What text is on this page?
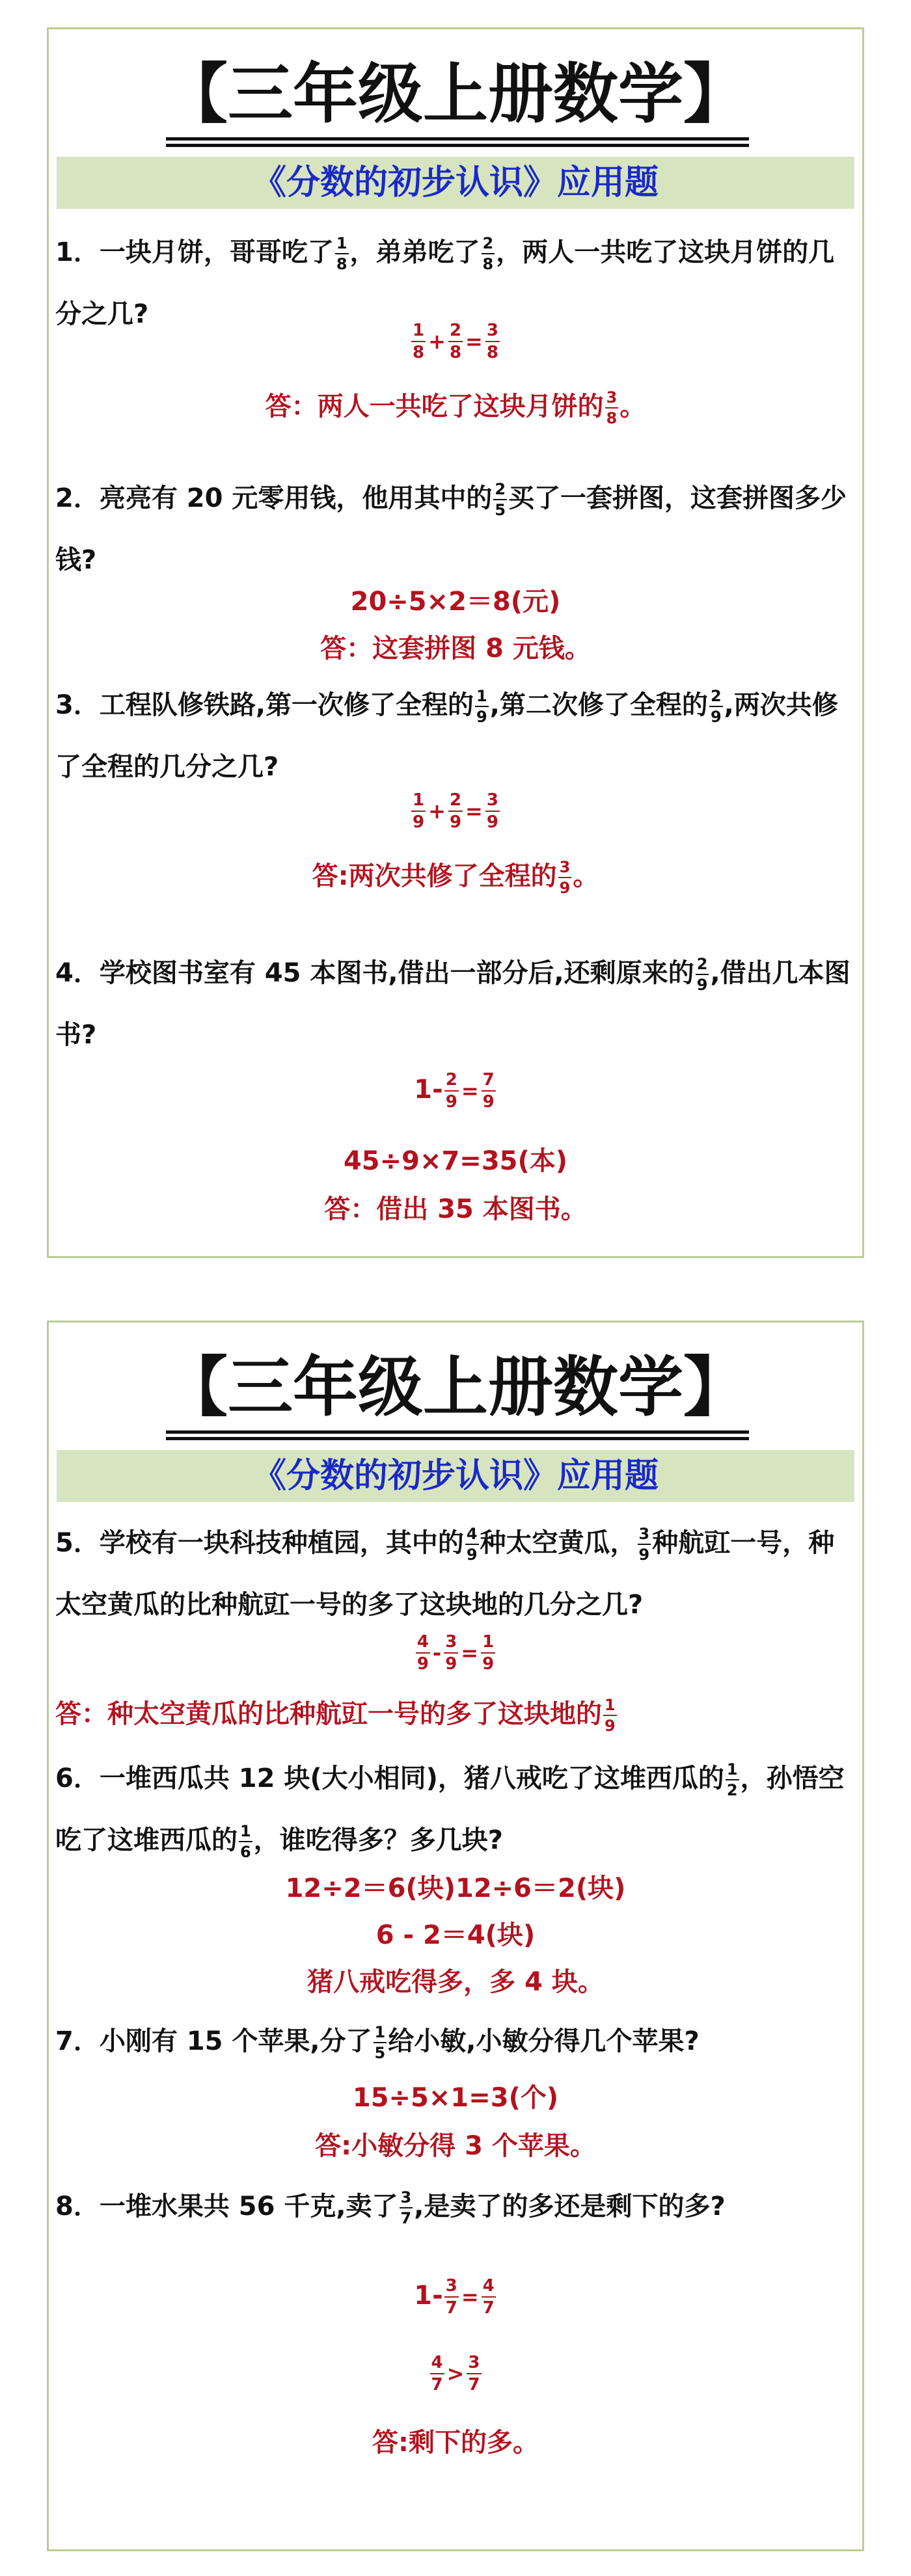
【三年级上册数学】
《分数的初步认识》应用题
1．一块月饼，哥哥吃了 $\frac{1}{8}$ ，弟弟吃了 $\frac{2}{8}$ ，两人一共吃了这块月饼的几分之几?
$\frac{1}{8} + \frac{2}{8} = \frac{3}{8}$
答：两人一共吃了这块月饼的 $\frac{3}{8}$ 。
2．亮亮有 20 元零用钱，他用其中的 $\frac{2}{5}$ 买了一套拼图，这套拼图多少钱?
20÷5×2＝8(元)
答：这套拼图 8 元钱。
3．工程队修铁路,第一次修了全程的 $\frac{1}{9}$ ,第二次修了全程的 $\frac{2}{9}$ ,两次共修了全程的几分之几?
$\frac{1}{9} + \frac{2}{9} = \frac{3}{9}$
答:两次共修了全程的 $\frac{3}{9}$ 。
4．学校图书室有 45 本图书,借出一部分后,还剩原来的 $\frac{2}{9}$ ,借出几本图书?
$1- \frac{2}{9} = \frac{7}{9}$
45÷9×7=35(本)
答：借出 35 本图书。
【三年级上册数学】
《分数的初步认识》应用题
5．学校有一块科技种植园，其中的 $\frac{4}{9}$ 种太空黄瓜， $\frac{3}{9}$ 种航豇一号，种太空黄瓜的比种航豇一号的多了这块地的几分之几?
$\frac{4}{9} - \frac{3}{9} = \frac{1}{9}$
答：种太空黄瓜的比种航豇一号的多了这块地的 $\frac{1}{9}$
6．一堆西瓜共 12 块(大小相同)，猪八戒吃了这堆西瓜的 $\frac{1}{2}$ ，孙悟空吃了这堆西瓜的 $\frac{1}{6}$ ，谁吃得多？多几块?
12÷2＝6(块)12÷6＝2(块)
6 - 2＝4(块)
猪八戒吃得多，多 4 块。
7．小刚有 15 个苹果,分了 $\frac{1}{5}$ 给小敏,小敏分得几个苹果?
15÷5×1=3(个)
答:小敏分得 3 个苹果。
8．一堆水果共 56 千克,卖了 $\frac{3}{7}$ ,是卖了的多还是剩下的多?
$1- \frac{3}{7} = \frac{4}{7}$
$\frac{4}{7} > \frac{3}{7}$
答:剩下的多。
